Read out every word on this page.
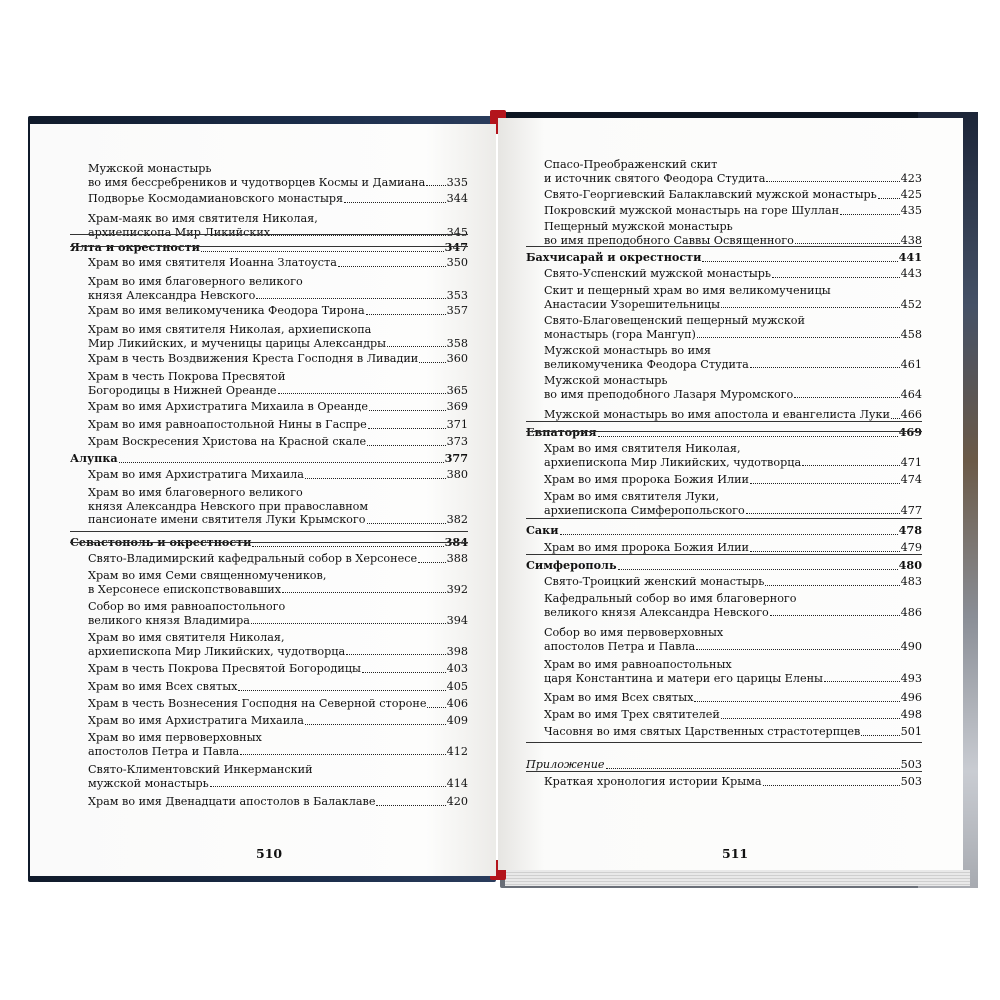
Мужской монастырь
во имя бессребреников и чудотворцев Космы и Дамиана 335
Подворье Космодамиановского монастыря	344
Храм-маяк во имя святителя Николая,
архиепископа Мир Ликийских	345
Ялта и окрестности	347
Храм во имя святителя Иоанна Златоуста	350
Храм во имя благоверного великого
князя Александра Невского	353
Храм во имя великомученика Феодора Тирона	357
Храм во имя святителя Николая, архиепископа
Мир Ликийских, и мученицы царицы Александры	358
Храм в честь Воздвижения Креста Господня в Ливадии	360
Храм в честь Покрова Пресвятой
Богородицы в Нижней Ореанде	365
Храм во имя Архистратига Михаила в Ореанде	369
Храм во имя равноапостольной Нины в Гаспре	371
Храм Воскресения Христова на Красной скале	373
Алупка	377
Храм во имя Архистратига Михаила	380
Храм во имя благоверного великого
князя Александра Невского при православном
пансионате имени святителя Луки Крымского	382
Севастополь и окрестности	384
Свято-Владимирский кафедральный собор в Херсонесе	388
Храм во имя Семи священномучеников,
в Херсонесе епископствовавших	392
Собор во имя равноапостольного
великого князя Владимира	394
Храм во имя святителя Николая,
архиепископа Мир Ликийских, чудотворца	398
Храм в честь Покрова Пресвятой Богородицы	403
Храм во имя Всех святых	405
Храм в честь Вознесения Господня на Северной стороне 406
Храм во имя Архистратига Михаила	409
Храм во имя первоверховных
апостолов Петра и Павла	412
Свято-Климентовский Инкерманский
мужской монастырь	414
Храм во имя Двенадцати апостолов в Балаклаве	420
510
Спасо-Преображенский скит
и источник святого Феодора Студита	423
Свято-Георгиевский Балаклавский мужской монастырь 425
Покровский мужской монастырь на горе Шуллан	435
Пещерный мужской монастырь
во имя преподобного Саввы Освященного	438
Бахчисарай и окрестности	441
Свято-Успенский мужской монастырь	443
Скит и пещерный храм во имя великомученицы
Анастасии Узорешительницы	452
Свято-Благовещенский пещерный мужской
монастырь (гора Мангуп)	458
Мужской монастырь во имя
великомученика Феодора Студита	461
Мужской монастырь
во имя преподобного Лазаря Муромского	464
Мужской монастырь во имя апостола и евангелиста Луки 466
Евпатория	469
Храм во имя святителя Николая,
архиепископа Мир Ликийских, чудотворца	471
Храм во имя пророка Божия Илии	474
Храм во имя святителя Луки,
архиепископа Симферопольского	477
Саки	478
Храм во имя пророка Божия Илии	479
Симферополь	480
Свято-Троицкий женский монастырь	483
Кафедральный собор во имя благоверного
великого князя Александра Невского	486
Собор во имя первоверховных
апостолов Петра и Павла	490
Храм во имя равноапостольных
царя Константина и матери его царицы Елены	493
Храм во имя Всех святых	496
Храм во имя Трех святителей	498
Часовня во имя святых Царственных страстотерпцев	501
Приложение	503
Краткая хронология истории Крыма	503
511
